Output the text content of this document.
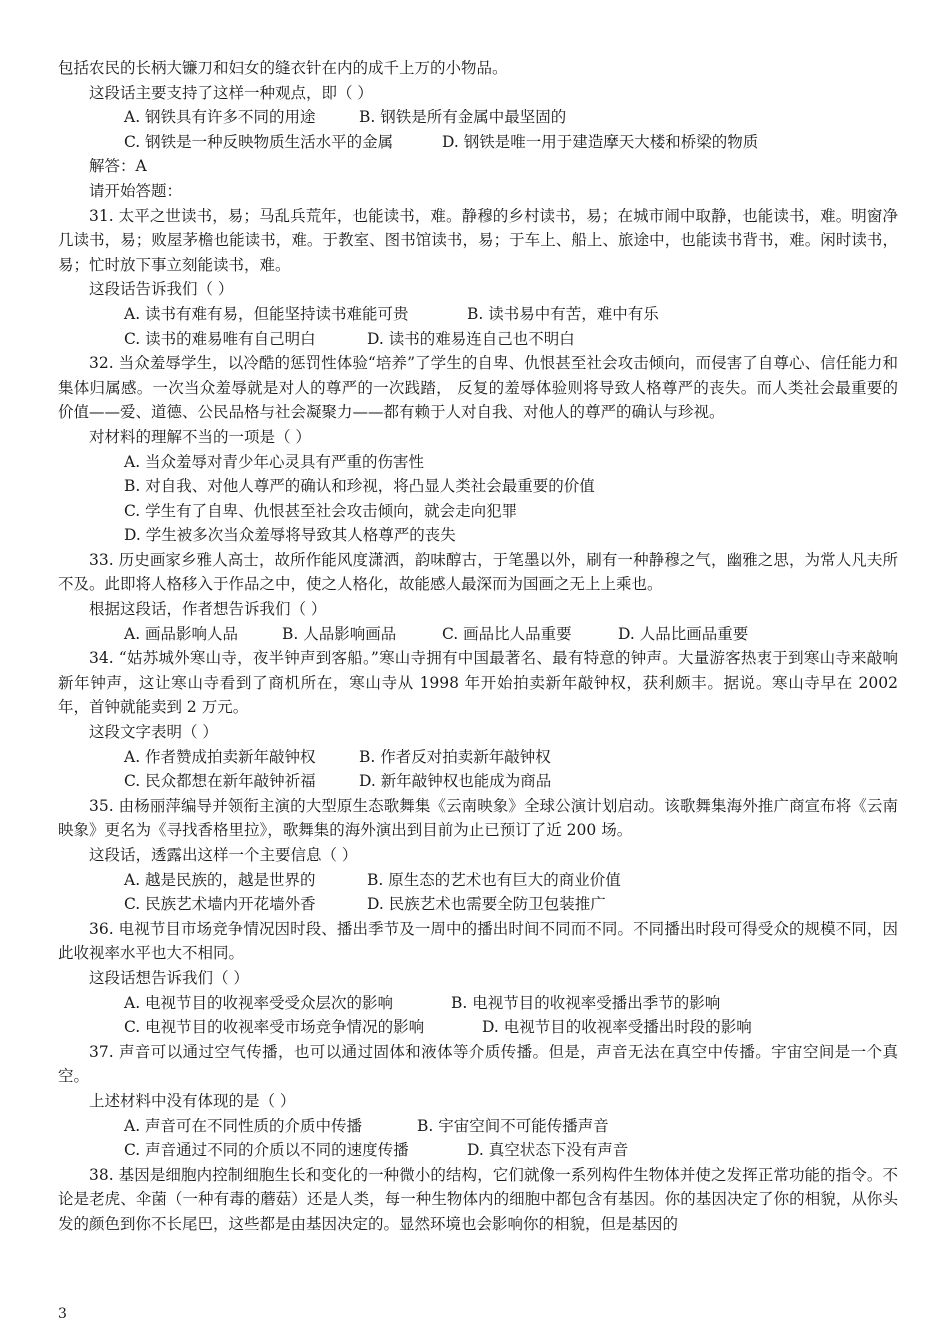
包括农民的长柄大镰刀和妇女的缝衣针在内的成千上万的小物品。
这段话主要支持了这样一种观点，即（ ）
A. 钢铁具有许多不同的用途	B. 钢铁是所有金属中最坚固的
C. 钢铁是一种反映物质生活水平的金属	D. 钢铁是唯一用于建造摩天大楼和桥梁的物质
解答：A
请开始答题：
31. 太平之世读书，易；马乱兵荒年，也能读书，难。静穆的乡村读书，易；在城市闹中取静，也能读书，难。明窗净几读书，易；败屋茅檐也能读书，难。于教室、图书馆读书，易；于车上、船上、旅途中，也能读书背书，难。闲时读书，易；忙时放下事立刻能读书，难。
这段话告诉我们（ ）
A. 读书有难有易，但能坚持读书难能可贵	B. 读书易中有苦，难中有乐
C. 读书的难易唯有自己明白	D. 读书的难易连自己也不明白
32. 当众羞辱学生，以冷酷的惩罚性体验“培养”了学生的自卑、仇恨甚至社会攻击倾向，而侵害了自尊心、信任能力和集体归属感。一次当众羞辱就是对人的尊严的一次践踏， 反复的羞辱体验则将导致人格尊严的丧失。而人类社会最重要的价值——爱、道德、公民品格与社会凝聚力——都有赖于人对自我、对他人的尊严的确认与珍视。
对材料的理解不当的一项是（ ）
A. 当众羞辱对青少年心灵具有严重的伤害性
B. 对自我、对他人尊严的确认和珍视，将凸显人类社会最重要的价值
C. 学生有了自卑、仇恨甚至社会攻击倾向，就会走向犯罪
D. 学生被多次当众羞辱将导致其人格尊严的丧失
33. 历史画家乡雅人高士，故所作能风度潇洒，韵味醇古，于笔墨以外，刷有一种静穆之气，幽雅之思，为常人凡夫所不及。此即将人格移入于作品之中，使之人格化，故能感人最深而为国画之无上上乘也。
根据这段话，作者想告诉我们（ ）
A. 画品影响人品	B. 人品影响画品	C. 画品比人品重要	D. 人品比画品重要
34. “姑苏城外寒山寺，夜半钟声到客船。”寒山寺拥有中国最著名、最有特意的钟声。大量游客热衷于到寒山寺来敲响新年钟声，这让寒山寺看到了商机所在，寒山寺从 1998 年开始拍卖新年敲钟权，获利颇丰。据说。寒山寺早在 2002 年，首钟就能卖到 2 万元。
这段文字表明（ ）
A. 作者赞成拍卖新年敲钟权	B. 作者反对拍卖新年敲钟权
C. 民众都想在新年敲钟祈福	D. 新年敲钟权也能成为商品
35. 由杨丽萍编导并领衔主演的大型原生态歌舞集《云南映象》全球公演计划启动。该歌舞集海外推广商宣布将《云南映象》更名为《寻找香格里拉》，歌舞集的海外演出到目前为止已预订了近 200 场。
这段话，透露出这样一个主要信息（ ）
A. 越是民族的，越是世界的	B. 原生态的艺术也有巨大的商业价值
C. 民族艺术墙内开花墙外香	D. 民族艺术也需要全防卫包装推广
36. 电视节目市场竞争情况因时段、播出季节及一周中的播出时间不同而不同。不同播出时段可得受众的规模不同，因此收视率水平也大不相同。
这段话想告诉我们（ ）
A. 电视节目的收视率受受众层次的影响	B. 电视节目的收视率受播出季节的影响
C. 电视节目的收视率受市场竞争情况的影响	D. 电视节目的收视率受播出时段的影响
37. 声音可以通过空气传播，也可以通过固体和液体等介质传播。但是，声音无法在真空中传播。宇宙空间是一个真空。
上述材料中没有体现的是（ ）
A. 声音可在不同性质的介质中传播	B. 宇宙空间不可能传播声音
C. 声音通过不同的介质以不同的速度传播	D. 真空状态下没有声音
38. 基因是细胞内控制细胞生长和变化的一种微小的结构，它们就像一系列构件生物体并使之发挥正常功能的指令。不论是老虎、伞菌（一种有毒的蘑菇）还是人类，每一种生物体内的细胞中都包含有基因。你的基因决定了你的相貌，从你头发的颜色到你不长尾巴，这些都是由基因决定的。显然环境也会影响你的相貌，但是基因的
3
